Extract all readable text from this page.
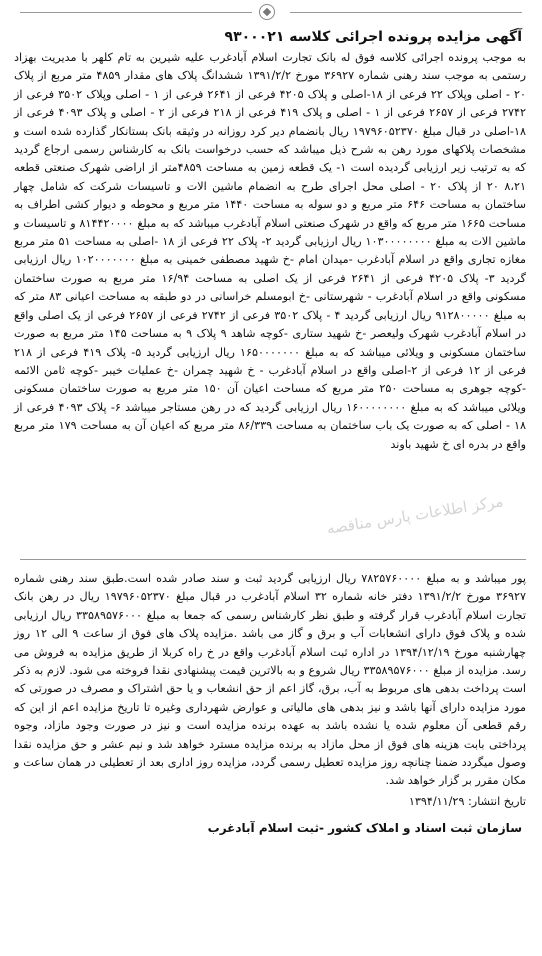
آگهی مزایده پرونده اجرائی کلاسه ۹۳۰۰۰۲۱

به موجب پرونده اجرائی کلاسه فوق له بانک تجارت اسلام آبادغرب علیه شیرین به تام کلهر با مدیریت بهزاد رستمی به موجب سند رهنی شماره ۳۶۹۲۷ مورخ ۱۳۹۱/۲/۲ ششدانگ پلاک های مقدار ۴۸۵۹ متر مربع از پلاک ۲۰ - اصلی وپلاک ۲۲ فرعی از ۱۸-اصلی و پلاک ۴۲۰۵ فرعی از ۲۶۴۱ فرعی از ۱ - اصلی وپلاک ۳۵۰۲ فرعی از ۲۷۴۲ فرعی از ۲۶۵۷ فرعی از ۱ - اصلی و پلاک ۴۱۹ فرعی از ۲۱۸ فرعی از ۲ - اصلی و پلاک ۴۰۹۳ فرعی از ۱۸-اصلی در قبال مبلغ ۱۹۷۹۶۰۵۲۳۷۰ ریال بانضمام دیر کرد روزانه در وثیقه بانک بستانکار گذارده شده است و مشخصات پلاکهای مورد رهن به شرح ذیل میباشد که حسب درخواست بانک به کارشناس رسمی ارجاع گردید که به ترتیب زیر ارزیابی گردیده است ۱- یک قطعه زمین به مساحت ۴۸۵۹متر از اراضی شهرک صنعتی قطعه ۸،۲۱ ۲۰ از پلاک ۲۰ - اصلی محل اجرای طرح به انضمام ماشین الات و تاسیسات شرکت که شامل چهار ساختمان به مساحت ۶۴۶ متر مربع و دو سوله به مساحت ۱۴۴۰ متر مربع و محوطه و دیوار کشی اطراف به مساحت ۱۶۶۵ متر مربع که واقع در شهرک صنعتی اسلام آبادغرب میباشد که به مبلغ ۸۱۴۴۲۰۰۰۰ و تاسیسات و ماشین الات به مبلغ ۱۰۳۰۰۰۰۰۰۰۰ ریال ارزیابی گردید ۲- پلاک ۲۲ فرعی از ۱۸ -اصلی به مساحت ۵۱ متر مربع مغازه تجاری واقع در اسلام آبادغرب -میدان امام -خ شهید مصطفی خمینی به مبلغ ۱۰۲۰۰۰۰۰۰۰ ریال ارزیابی گردید ۳- پلاک ۴۲۰۵ فرعی از ۲۶۴۱ فرعی از یک اصلی به مساحت ۱۶/۹۴ متر مربع به صورت ساختمان مسکونی واقع در اسلام آبادغرب - شهرستانی -خ ابومسلم خراسانی در دو طبقه به مساحت اعیانی ۸۳ متر که به مبلغ ۹۱۲۸۰۰۰۰۰ ریال ارزیابی گردید ۴ - پلاک ۳۵۰۲ فرعی از ۲۷۴۲ فرعی از ۲۶۵۷ فرعی از یک اصلی واقع در اسلام آبادغرب شهرک ولیعصر -خ شهید ستاری -کوچه شاهد ۹ پلاک ۹ به مساحت ۱۴۵ متر مربع به صورت ساختمان مسکونی و ویلائی میباشد که به مبلغ ۱۶۵۰۰۰۰۰۰۰ ریال ارزیابی گردید ۵- پلاک ۴۱۹ فرعی از ۲۱۸ فرعی از ۱۲ فرعی از ۲-اصلی واقع در اسلام آبادغرب - خ شهید چمران -خ عملیات خیبر -کوچه ثامن الائمه -کوچه جوهری به مساحت ۲۵۰ متر مربع که مساحت اعیان آن ۱۵۰ متر مربع به صورت ساختمان مسکونی ویلائی میباشد که به مبلغ ۱۶۰۰۰۰۰۰۰۰ ریال ارزیابی گردید که در رهن مستاجر میباشد ۶- پلاک ۴۰۹۳ فرعی از ۱۸ - اصلی که به صورت یک باب ساختمان به مساحت ۸۶/۳۳۹ متر مربع که اعیان آن به مساحت ۱۷۹ متر مربع واقع در بدره ای خ شهید باوند

مرکز اطلاعات پارس مناقصه

پور میباشد و به مبلغ ۷۸۲۵۷۶۰۰۰۰ ریال ارزیابی گردید ثبت و سند صادر شده است.طبق سند رهنی شماره ۳۶۹۲۷ مورخ ۱۳۹۱/۲/۲ دفتر خانه شماره ۳۲ اسلام آبادغرب در قبال مبلغ ۱۹۷۹۶۰۵۲۳۷۰ ریال در رهن بانک تجارت اسلام آبادغرب قرار گرفته و طبق نظر کارشناس رسمی که جمعا به مبلغ ۳۳۵۸۹۵۷۶۰۰۰ ریال ارزیابی شده و پلاک فوق دارای انشعابات آب و برق و گاز می باشد .مزایده پلاک های فوق از ساعت ۹ الی ۱۲ روز چهارشنبه مورخ ۱۳۹۴/۱۲/۱۹ در اداره ثبت اسلام آبادغرب واقع در خ راه کربلا از طریق مزایده به فروش می رسد. مزایده از مبلغ ۳۳۵۸۹۵۷۶۰۰۰ ریال شروع و به بالاترین قیمت پیشنهادی نقدا فروخته می شود. لازم به ذکر است پرداخت بدهی های مربوط به آب، برق، گاز اعم از حق انشعاب و یا حق اشتراک و مصرف در صورتی که مورد مزایده دارای آنها باشد و نیز بدهی های مالیاتی و عوارض شهرداری وغیره تا تاریخ مزایده اعم از این که رقم قطعی آن معلوم شده یا نشده باشد به عهده برنده مزایده است و نیز در صورت وجود مازاد، وجوه پرداختی بابت هزینه های فوق از محل مازاد به برنده مزایده مسترد خواهد شد و نیم عشر و حق مزایده نقدا وصول میگردد ضمنا چنانچه روز مزایده تعطیل رسمی گردد، مزایده روز اداری بعد از تعطیلی در همان ساعت و مکان مقرر بر گزار خواهد شد.

تاریخ انتشار: ۱۳۹۴/۱۱/۲۹
سازمان ثبت اسناد و املاک کشور -ثبت اسلام آبادغرب
